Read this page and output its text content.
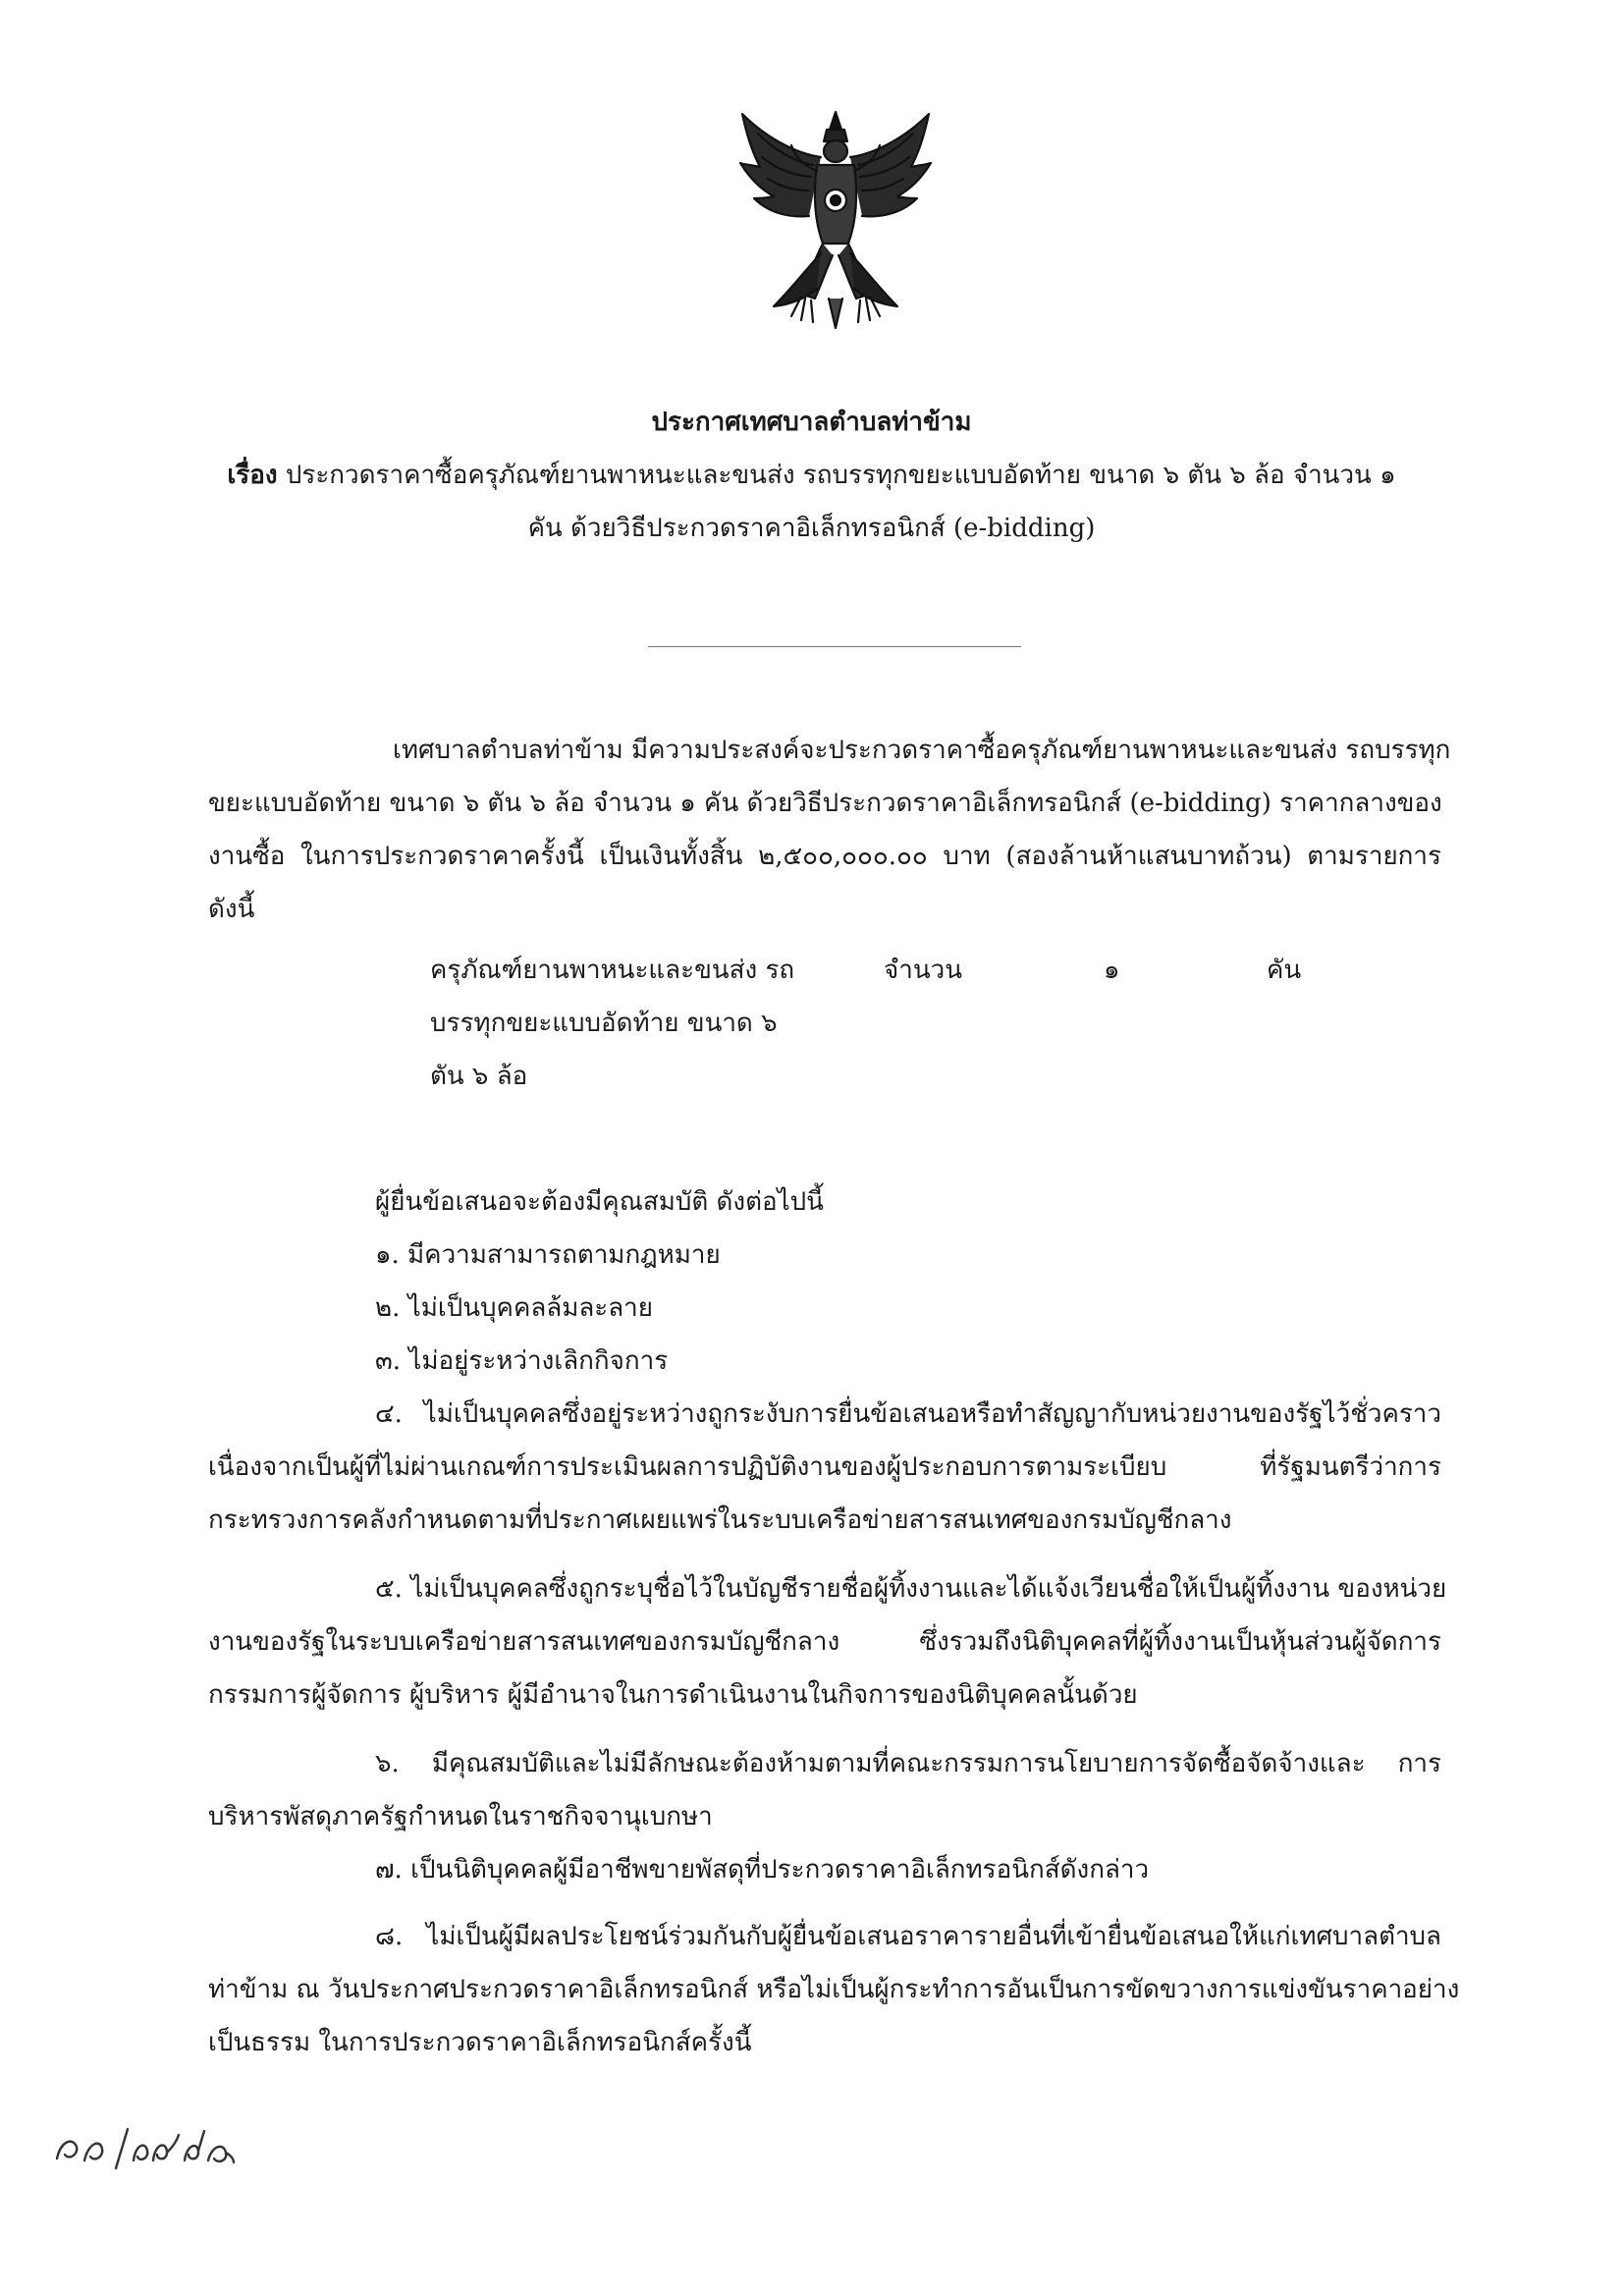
ประกาศเทศบาลตำบลท่าข้าม
เรื่อง ประกวดราคาซื้อครุภัณฑ์ยานพาหนะและขนส่ง รถบรรทุกขยะแบบอัดท้าย ขนาด ๖ ตัน ๖ ล้อ จำนวน ๑
คัน ด้วยวิธีประกวดราคาอิเล็กทรอนิกส์ (e-bidding)
เทศบาลตำบลท่าข้าม มีความประสงค์จะประกวดราคาซื้อครุภัณฑ์ยานพาหนะและขนส่ง รถบรรทุก
ขยะแบบอัดท้าย ขนาด ๖ ตัน ๖ ล้อ จำนวน ๑ คัน ด้วยวิธีประกวดราคาอิเล็กทรอนิกส์ (e-bidding) ราคากลางของ
งานซื้อ ในการประกวดราคาครั้งนี้ เป็นเงินทั้งสิ้น ๒,๕๐๐,๐๐๐.๐๐ บาท (สองล้านห้าแสนบาทถ้วน) ตามรายการ
ดังนี้
ครุภัณฑ์ยานพาหนะและขนส่ง รถ
บรรทุกขยะแบบอัดท้าย ขนาด ๖
ตัน ๖ ล้อ
จำนวน	๑	คัน
ผู้ยื่นข้อเสนอจะต้องมีคุณสมบัติ ดังต่อไปนี้
๑. มีความสามารถตามกฎหมาย
๒. ไม่เป็นบุคคลล้มละลาย
๓. ไม่อยู่ระหว่างเลิกกิจการ
๔. ไม่เป็นบุคคลซึ่งอยู่ระหว่างถูกระงับการยื่นข้อเสนอหรือทำสัญญากับหน่วยงานของรัฐไว้ชั่วคราว
เนื่องจากเป็นผู้ที่ไม่ผ่านเกณฑ์การประเมินผลการปฏิบัติงานของผู้ประกอบการตามระเบียบ ที่รัฐมนตรีว่าการ
กระทรวงการคลังกำหนดตามที่ประกาศเผยแพร่ในระบบเครือข่ายสารสนเทศของกรมบัญชีกลาง
๕. ไม่เป็นบุคคลซึ่งถูกระบุชื่อไว้ในบัญชีรายชื่อผู้ทิ้งงานและได้แจ้งเวียนชื่อให้เป็นผู้ทิ้งงาน ของหน่วย
งานของรัฐในระบบเครือข่ายสารสนเทศของกรมบัญชีกลาง ซึ่งรวมถึงนิติบุคคลที่ผู้ทิ้งงานเป็นหุ้นส่วนผู้จัดการ
กรรมการผู้จัดการ ผู้บริหาร ผู้มีอำนาจในการดำเนินงานในกิจการของนิติบุคคลนั้นด้วย
๖. มีคุณสมบัติและไม่มีลักษณะต้องห้ามตามที่คณะกรรมการนโยบายการจัดซื้อจัดจ้างและ การ
บริหารพัสดุภาครัฐกำหนดในราชกิจจานุเบกษา
๗. เป็นนิติบุคคลผู้มีอาชีพขายพัสดุที่ประกวดราคาอิเล็กทรอนิกส์ดังกล่าว
๘. ไม่เป็นผู้มีผลประโยชน์ร่วมกันกับผู้ยื่นข้อเสนอราคารายอื่นที่เข้ายื่นข้อเสนอให้แก่เทศบาลตำบล
ท่าข้าม ณ วันประกาศประกวดราคาอิเล็กทรอนิกส์ หรือไม่เป็นผู้กระทำการอันเป็นการขัดขวางการแข่งขันราคาอย่าง
เป็นธรรม ในการประกวดราคาอิเล็กทรอนิกส์ครั้งนี้
